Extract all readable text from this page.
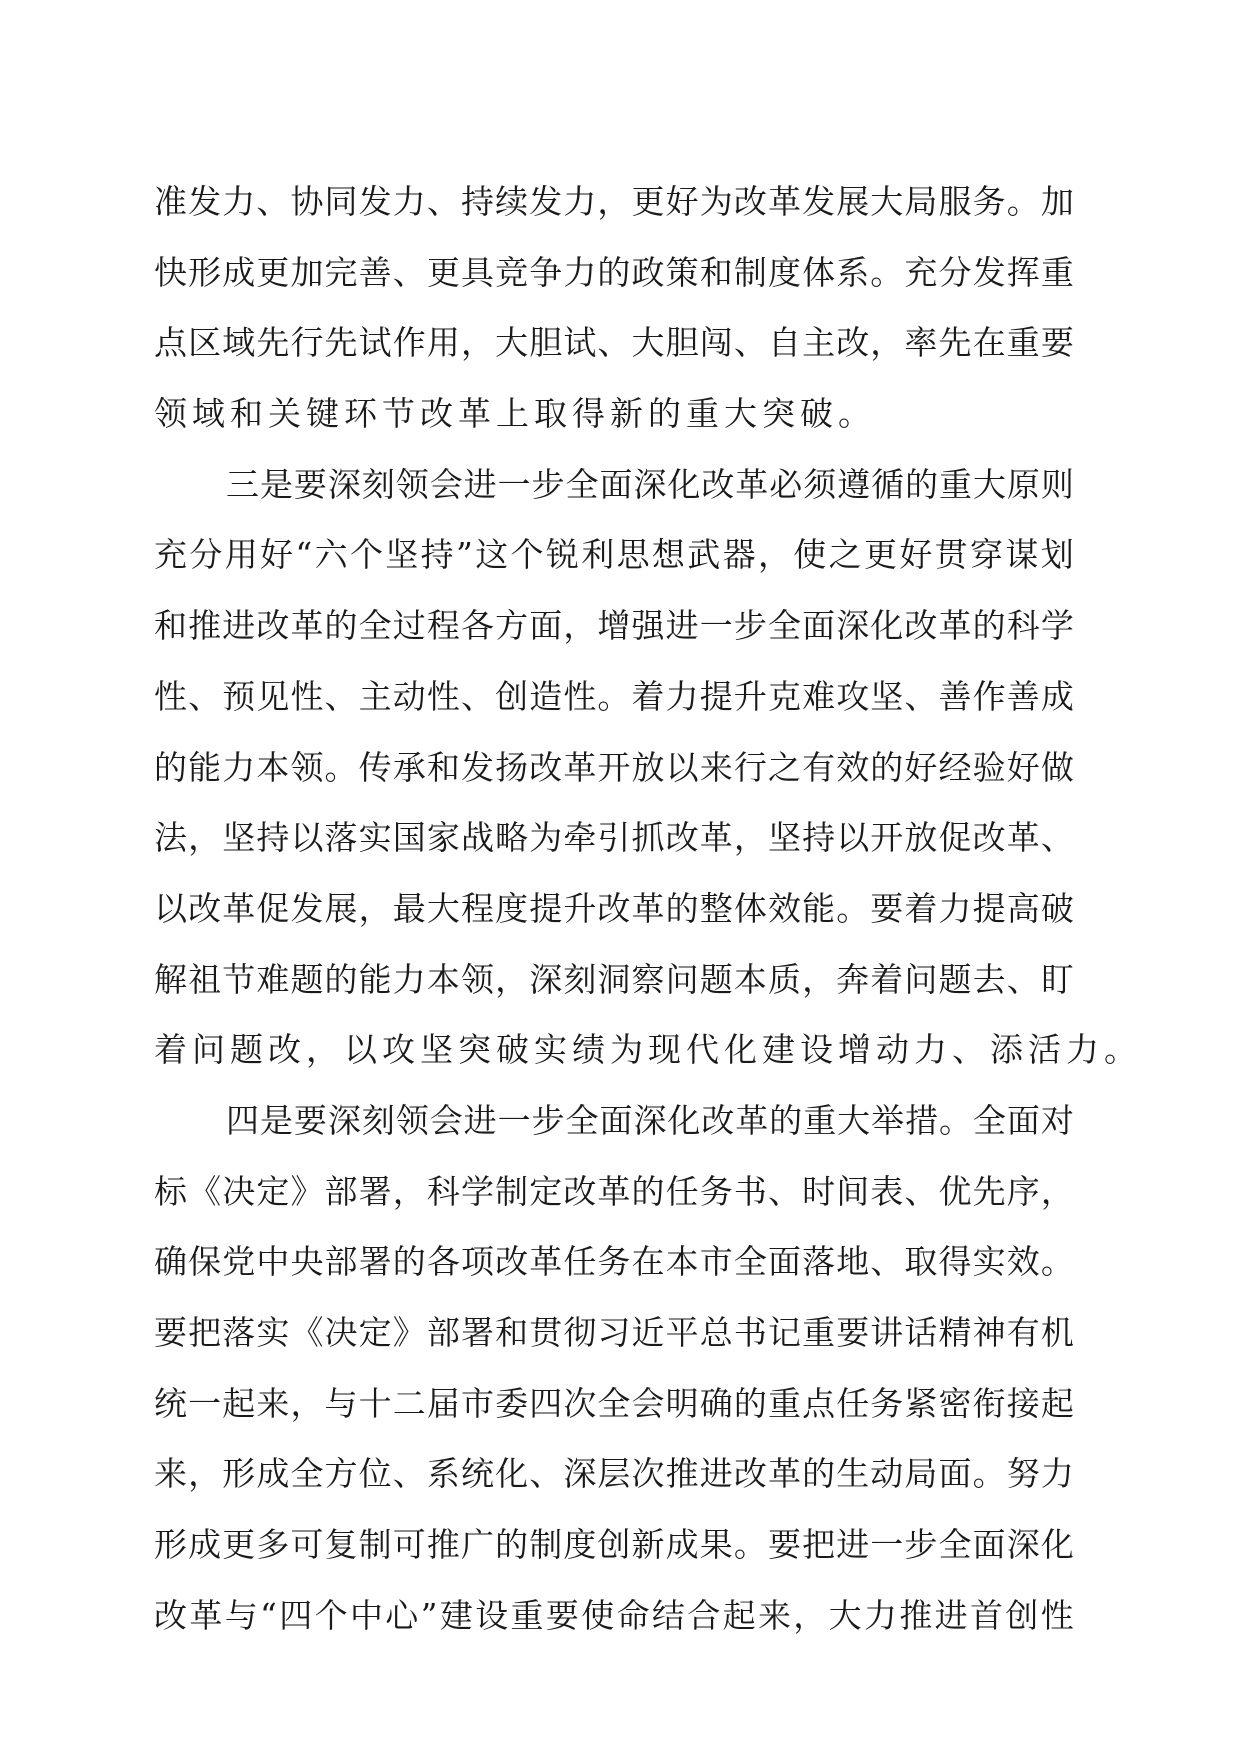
准 发 力 、 协 同 发 力 、 持 续 发 力 ， 更 好 为 改 革 发 展 大 局 服 务 。 加
快 形 成 更 加 完 善 、 更 具 竞 争 力 的 政 策 和 制 度 体 系 。 充 分 发 挥 重
点 区 域 先 行 先 试 作 用 ， 大 胆 试 、 大 胆 闯 、 自 主 改 ， 率 先 在 重 要
领域和关键环节改革上取得新的重大突破。
三 是 要 深 刻 领 会 进 一 步 全 面 深 化 改 革 必 须 遵 循 的 重 大 原 则
充 分 用 好 “ 六 个 坚 持 ” 这 个 锐 利 思 想 武 器 ， 使 之 更 好 贯 穿 谋 划
和 推 进 改 革 的 全 过 程 各 方 面 ， 增 强 进 一 步 全 面 深 化 改 革 的 科 学
性 、 预 见 性 、 主 动 性 、 创 造 性 。 着 力 提 升 克 难 攻 坚 、 善 作 善 成
的 能 力 本 领 。 传 承 和 发 扬 改 革 开 放 以 来 行 之 有 效 的 好 经 验 好 做
法 ， 坚 持 以 落 实 国 家 战 略 为 牵 引 抓 改 革 ， 坚 持 以 开 放 促 改 革 、
以 改 革 促 发 展 ， 最 大 程 度 提 升 改 革 的 整 体 效 能 。 要 着 力 提 高 破
解 祖 节 难 题 的 能 力 本 领 ， 深 刻 洞 察 问 题 本 质 ， 奔 着 问 题 去 、 盯
着问题改，以攻坚突破实绩为现代化建设增动力、添活力。
四 是 要 深 刻 领 会 进 一 步 全 面 深 化 改 革 的 重 大 举 措 。 全 面 对
标 《 决 定 》 部 署 ， 科 学 制 定 改 革 的 任 务 书 、 时 间 表 、 优 先 序 ，
确 保 党 中 央 部 署 的 各 项 改 革 任 务 在 本 市 全 面 落 地 、 取 得 实 效 。
要 把 落 实 《 决 定 》 部 署 和 贯 彻 习 近 平 总 书 记 重 要 讲 话 精 神 有 机
统 一 起 来 ， 与 十 二 届 市 委 四 次 全 会 明 确 的 重 点 任 务 紧 密 衔 接 起
来 ， 形 成 全 方 位 、 系 统 化 、 深 层 次 推 进 改 革 的 生 动 局 面 。 努 力
形 成 更 多 可 复 制 可 推 广 的 制 度 创 新 成 果 。 要 把 进 一 步 全 面 深 化
改 革 与 “ 四 个 中 心 ” 建 设 重 要 使 命 结 合 起 来 ， 大 力 推 进 首 创 性
